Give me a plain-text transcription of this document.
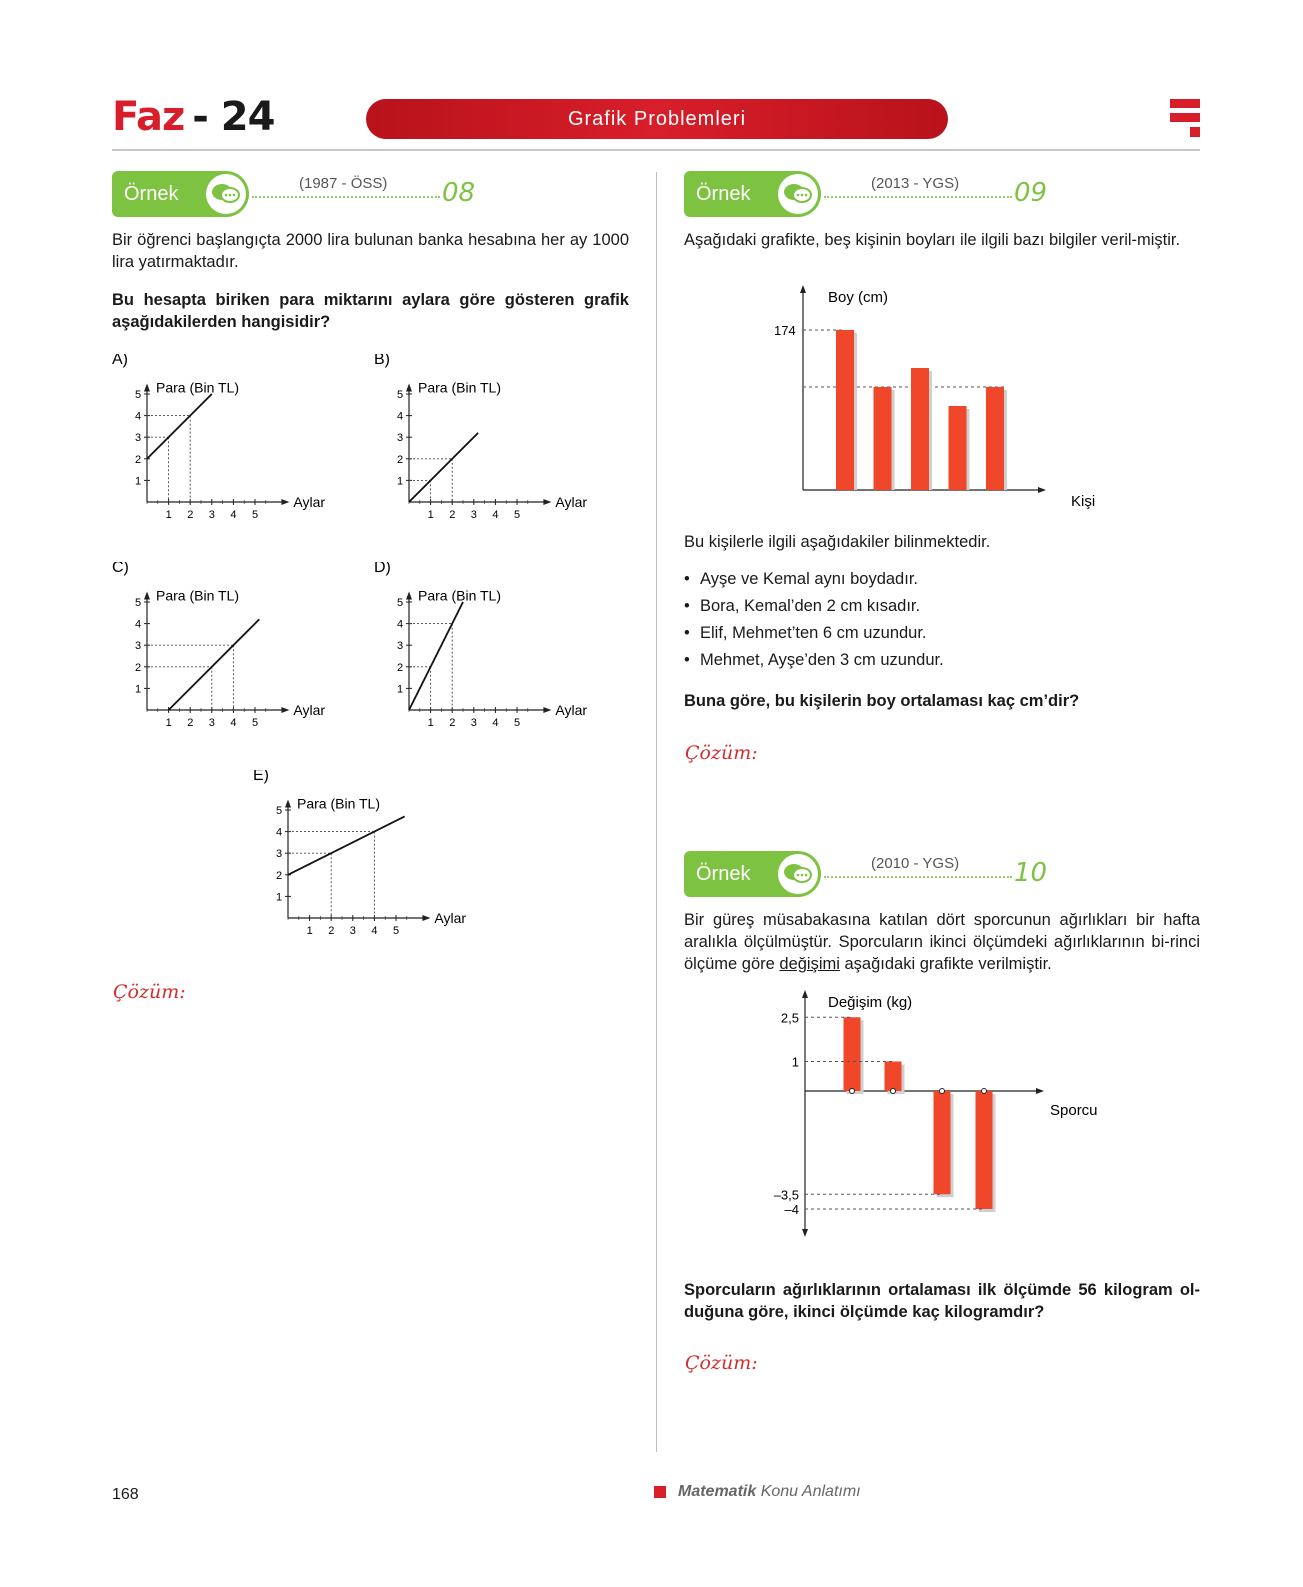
Faz - 24	Grafik Problemleri
Örnek	(1987 - ÖSS) 08
Bir öğrenci başlangıçta 2000 lira bulunan banka hesabına her ay 1000 lira yatırmaktadır.
Bu hesapta biriken para miktarını aylara göre gösteren grafik aşağıdakilerden hangisidir?
A)
Para (Bin TL)
Aylar
1
1
2
2
3
3
4
4
5
5
B)
Para (Bin TL)
Aylar
1
1
2
2
3
3
4
4
5
5
C)
Para (Bin TL)
Aylar
1
1
2
2
3
3
4
4
5
5
D)
Para (Bin TL)
Aylar
1
1
2
2
3
3
4
4
5
5
E)
Para (Bin TL)
Aylar
1
1
2
2
3
3
4
4
5
5
Çözüm:
Örnek	(2013 - YGS) 09
Aşağıdaki grafikte, beş kişinin boyları ile ilgili bazı bilgiler veril-miştir.
Boy (cm)
Kişi
174
Bu kişilerle ilgili aşağıdakiler bilinmektedir.
• Ayşe ve Kemal aynı boydadır.
• Bora, Kemal’den 2 cm kısadır.
• Elif, Mehmet’ten 6 cm uzundur.
• Mehmet, Ayşe’den 3 cm uzundur.
Buna göre, bu kişilerin boy ortalaması kaç cm’dir?
Çözüm:
Örnek	(2010 - YGS) 10
Bir güreş müsabakasına katılan dört sporcunun ağırlıkları bir hafta aralıkla ölçülmüştür. Sporcuların ikinci ölçümdeki ağırlıklarının bi-rinci ölçüme göre değişimi aşağıdaki grafikte verilmiştir.
Değişim (kg)
Sporcu
2,5
1
–3,5
–4
Sporcuların ağırlıklarının ortalaması ilk ölçümde 56 kilogram ol-duğuna göre, ikinci ölçümde kaç kilogramdır?
Çözüm:
168	Matematik Konu Anlatımı
